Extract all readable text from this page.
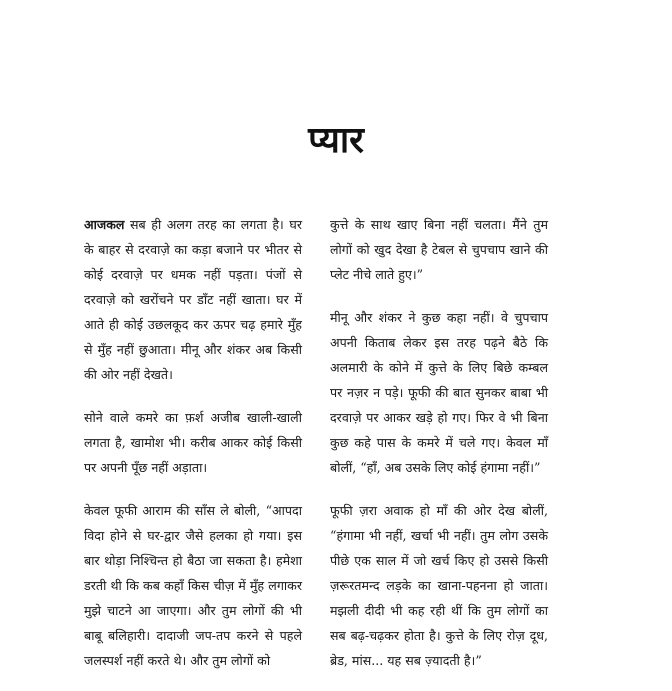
प्यार

आजकल सब ही अलग तरह का लगता है। घर के बाहर से दरवाज़े का कड़ा बजाने पर भीतर से कोई दरवाज़े पर धमक नहीं पड़ता। पंजों से दरवाज़े को खरोंचने पर डाँट नहीं खाता। घर में आते ही कोई उछलकूद कर ऊपर चढ़ हमारे मुँह से मुँह नहीं छुआता। मीनू और शंकर अब किसी की ओर नहीं देखते।

सोने वाले कमरे का फ़र्श अजीब खाली-खाली लगता है, खामोश भी। करीब आकर कोई किसी पर अपनी पूँछ नहीं अड़ाता।

केवल फूफी आराम की साँस ले बोली, “आपदा विदा होने से घर-द्वार जैसे हलका हो गया। इस बार थोड़ा निश्चिन्त हो बैठा जा सकता है। हमेशा डरती थी कि कब कहाँ किस चीज़ में मुँह लगाकर मुझे चाटने आ जाएगा। और तुम लोगों की भी बाबू बलिहारी। दादाजी जप-तप करने से पहले जलस्पर्श नहीं करते थे। और तुम लोगों को

कुत्ते के साथ खाए बिना नहीं चलता। मैंने तुम लोगों को खुद देखा है टेबल से चुपचाप खाने की प्लेट नीचे लाते हुए।”

मीनू और शंकर ने कुछ कहा नहीं। वे चुपचाप अपनी किताब लेकर इस तरह पढ़ने बैठे कि अलमारी के कोने में कुत्ते के लिए बिछे कम्बल पर नज़र न पड़े। फूफी की बात सुनकर बाबा भी दरवाज़े पर आकर खड़े हो गए। फिर वे भी बिना कुछ कहे पास के कमरे में चले गए। केवल माँ बोलीं, “हाँ, अब उसके लिए कोई हंगामा नहीं।”

फूफी ज़रा अवाक हो माँ की ओर देख बोलीं, “हंगामा भी नहीं, खर्चा भी नहीं। तुम लोग उसके पीछे एक साल में जो खर्च किए हो उससे किसी ज़रूरतमन्द लड़के का खाना-पहनना हो जाता। मझली दीदी भी कह रही थीं कि तुम लोगों का सब बढ़-चढ़कर होता है। कुत्ते के लिए रोज़ दूध, ब्रेड, मांस... यह सब ज़्यादती है।”
